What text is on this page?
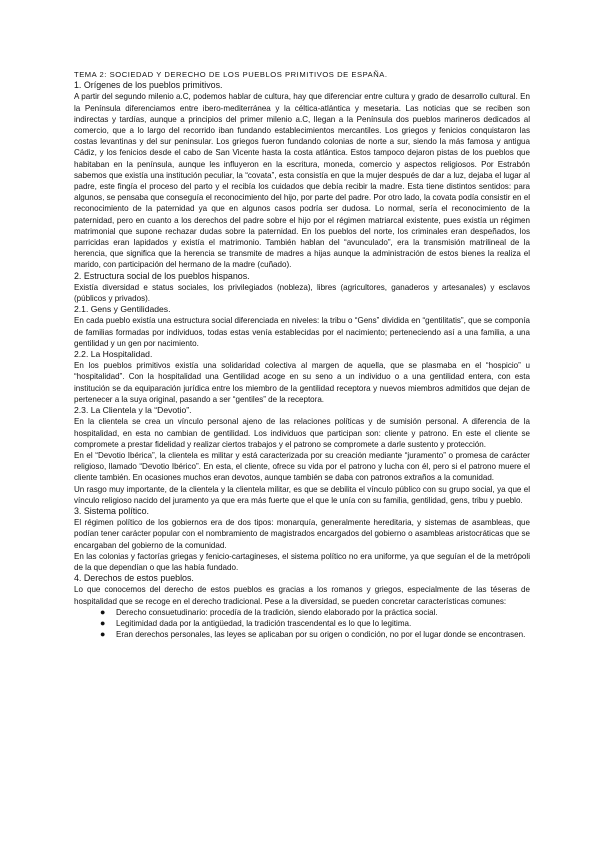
TEMA 2: SOCIEDAD Y DERECHO DE LOS PUEBLOS PRIMITIVOS DE ESPAÑA.
1. Orígenes de los pueblos primitivos.
A partir del segundo milenio a.C, podemos hablar de cultura, hay que diferenciar entre cultura y grado de desarrollo cultural. En la Península diferenciamos entre ibero-mediterránea y la céltica-atlántica y mesetaria. Las noticias que se reciben son indirectas y tardías, aunque a principios del primer milenio a.C, llegan a la Península dos pueblos marineros dedicados al comercio, que a lo largo del recorrido iban fundando establecimientos mercantiles. Los griegos y fenicios conquistaron las costas levantinas y del sur peninsular. Los griegos fueron fundando colonias de norte a sur, siendo la más famosa y antigua Cádiz, y los fenicios desde el cabo de San Vicente hasta la costa atlántica. Estos tampoco dejaron pistas de los pueblos que habitaban en la península, aunque les influyeron en la escritura, moneda, comercio y aspectos religiosos. Por Estrabón sabemos que existía una institución peculiar, la “covata”, esta consistía en que la mujer después de dar a luz, dejaba el lugar al padre, este fingía el proceso del parto y el recibía los cuidados que debía recibir la madre. Esta tiene distintos sentidos: para algunos, se pensaba que conseguía el reconocimiento del hijo, por parte del padre. Por otro lado, la covata podía consistir en el reconocimiento de la paternidad ya que en algunos casos podría ser dudosa. Lo normal, sería el reconocimiento de la paternidad, pero en cuanto a los derechos del padre sobre el hijo por el régimen matriarcal existente, pues existía un régimen matrimonial que supone rechazar dudas sobre la paternidad. En los pueblos del norte, los criminales eran despeñados, los parricidas eran lapidados y existía el matrimonio. También hablan del “avunculado”, era la transmisión matrilineal de la herencia, que significa que la herencia se transmite de madres a hijas aunque la administración de estos bienes la realiza el marido, con participación del hermano de la madre (cuñado).
2. Estructura social de los pueblos hispanos.
Existía diversidad e status sociales, los privilegiados (nobleza), libres (agricultores, ganaderos y artesanales) y esclavos (públicos y privados).
2.1. Gens y Gentilidades.
En cada pueblo existía una estructura social diferenciada en niveles: la tribu o “Gens” dividida en “gentilitatis”, que se componía de familias formadas por individuos, todas estas venía establecidas por el nacimiento; perteneciendo así a una familia, a una gentilidad y un gen por nacimiento.
2.2. La Hospitalidad.
En los pueblos primitivos existía una solidaridad colectiva al margen de aquella, que se plasmaba en el “hospicio” u “hospitalidad”. Con la hospitalidad una Gentilidad acoge en su seno a un individuo o a una gentilidad entera, con esta institución se da equiparación jurídica entre los miembro de la gentilidad receptora y nuevos miembros admitidos que dejan de pertenecer a la suya original, pasando a ser “gentiles” de la receptora.
2.3. La Clientela y la “Devotio”.
En la clientela se crea un vínculo personal ajeno de las relaciones políticas y de sumisión personal. A diferencia de la hospitalidad, en esta no cambian de gentilidad. Los individuos que participan son: cliente y patrono. En este el cliente se compromete a prestar fidelidad y realizar ciertos trabajos y el patrono se compromete a darle sustento y protección.
En el “Devotio Ibérica”, la clientela es militar y está caracterizada por su creación mediante “juramento” o promesa de carácter religioso, llamado “Devotio Ibérico”. En esta, el cliente, ofrece su vida por el patrono y lucha con él, pero si el patrono muere el cliente también. En ocasiones muchos eran devotos, aunque también se daba con patronos extraños a la comunidad.
Un rasgo muy importante, de la clientela y la clientela militar, es que se debilita el vínculo público con su grupo social, ya que el vínculo religioso nacido del juramento ya que era más fuerte que el que le unía con su familia, gentilidad, gens, tribu y pueblo.
3. Sistema político.
El régimen político de los gobiernos era de dos tipos: monarquía, generalmente hereditaria, y sistemas de asambleas, que podían tener carácter popular con el nombramiento de magistrados encargados del gobierno o asambleas aristocráticas que se encargaban del gobierno de la comunidad.
En las colonias y factorías griegas y fenicio-cartagineses, el sistema político no era uniforme, ya que seguían el de la metrópoli de la que dependían o que las había fundado.
4. Derechos de estos pueblos.
Lo que conocemos del derecho de estos pueblos es gracias a los romanos y griegos, especialmente de las téseras de hospitalidad que se recoge en el derecho tradicional. Pese a la diversidad, se pueden concretar características comunes:
● Derecho consuetudinario: procedía de la tradición, siendo elaborado por la práctica social.
● Legitimidad dada por la antigüedad, la tradición trascendental es lo que lo legitima.
● Eran derechos personales, las leyes se aplicaban por su origen o condición, no por el lugar donde se encontrasen.
